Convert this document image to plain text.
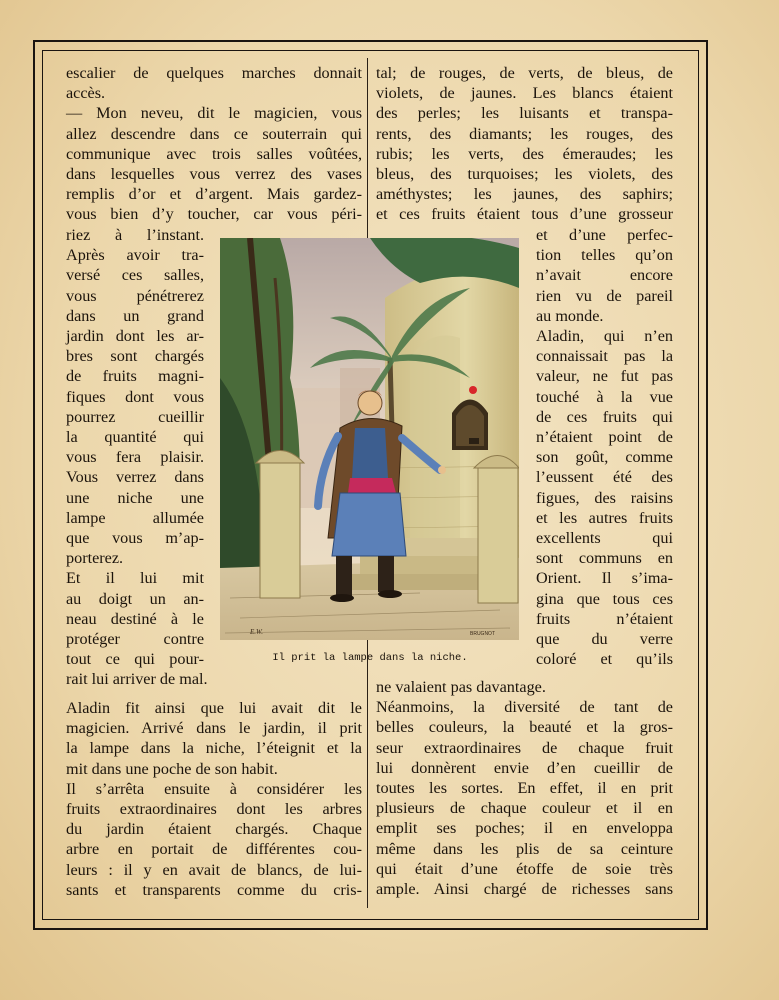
escalier de quelques marches donnait
accès.
— Mon neveu, dit le magicien, vous
allez descendre dans ce souterrain qui
communique avec trois salles voûtées,
dans lesquelles vous verrez des vases
remplis d’or et d’argent. Mais gardez-
vous bien d’y toucher, car vous péri-
riez à l’instant.
Après avoir tra-
versé ces salles,
vous pénétrerez
dans un grand
jardin dont les ar-
bres sont chargés
de fruits magni-
fiques dont vous
pourrez cueillir
la quantité qui
vous fera plaisir.
Vous verrez dans
une niche une
lampe allumée
que vous m’ap-
porterez.
Et il lui mit
au doigt un an-
neau destiné à le
protéger contre
tout ce qui pour-
rait lui arriver de mal.
Aladin fit ainsi que lui avait dit le
magicien. Arrivé dans le jardin, il prit
la lampe dans la niche, l’éteignit et la
mit dans une poche de son habit.
Il s’arrêta ensuite à considérer les
fruits extraordinaires dont les arbres
du jardin étaient chargés. Chaque
arbre en portait de différentes cou-
leurs : il y en avait de blancs, de lui-
sants et transparents comme du cris-
tal; de rouges, de verts, de bleus, de
violets, de jaunes. Les blancs étaient
des perles; les luisants et transpa-
rents, des diamants; les rouges, des
rubis; les verts, des émeraudes; les
bleus, des turquoises; les violets, des
améthystes; les jaunes, des saphirs;
et ces fruits étaient tous d’une grosseur
et d’une perfec-
tion telles qu’on
n’avait encore
rien vu de pareil
au monde.
Aladin, qui n’en
connaissait pas la
valeur, ne fut pas
touché à la vue
de ces fruits qui
n’étaient point de
son goût, comme
l’eussent été des
figues, des raisins
et les autres fruits
excellents qui
sont communs en
Orient. Il s’ima-
gina que tous ces
fruits n’étaient
que du verre
coloré et qu’ils
ne valaient pas davantage.
Néanmoins, la diversité de tant de
belles couleurs, la beauté et la gros-
seur extraordinaires de chaque fruit
lui donnèrent envie d’en cueillir de
toutes les sortes. En effet, il en prit
plusieurs de chaque couleur et il en
emplit ses poches; il en enveloppa
même dans les plis de sa ceinture
qui était d’une étoffe de soie très
ample. Ainsi chargé de richesses sans
E.W.	BRUGNOT
Il prit la lampe dans la niche.
